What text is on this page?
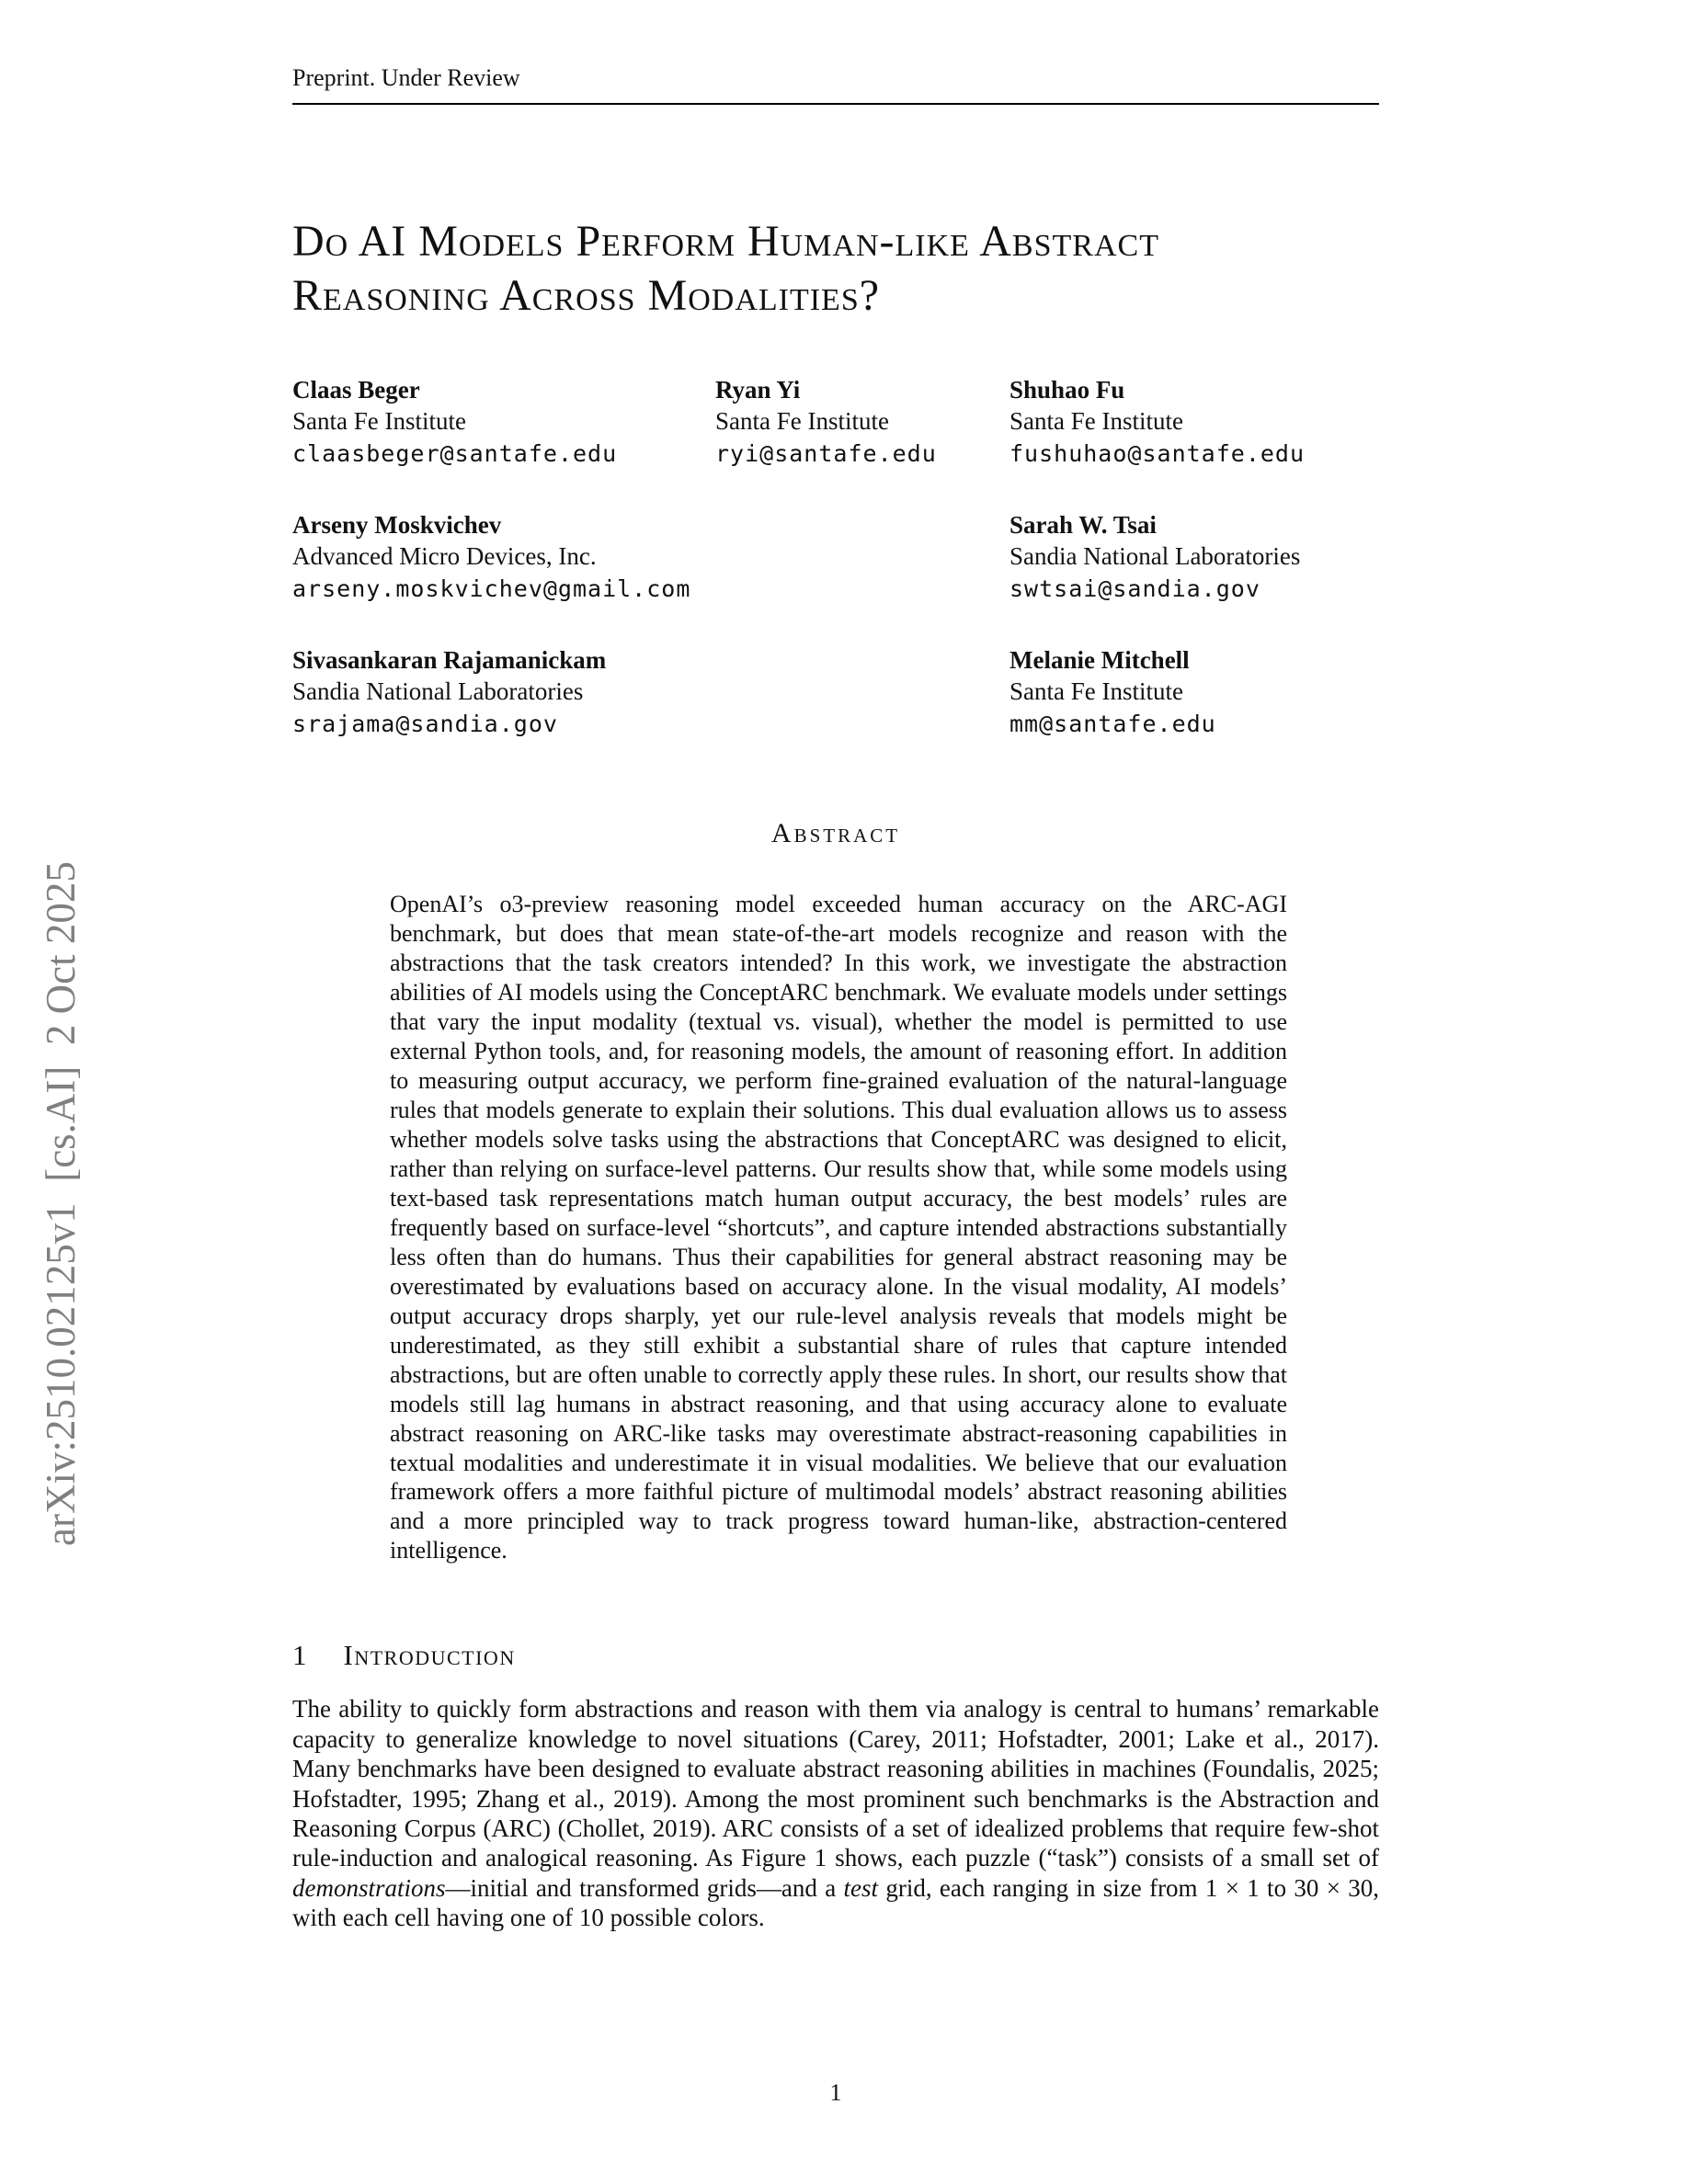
arXiv:2510.02125v1  [cs.AI]  2 Oct 2025
Preprint. Under Review
Do AI Models Perform Human-like Abstract
Reasoning Across Modalities?
Claas Beger
Santa Fe Institute
claasbeger@santafe.edu
Ryan Yi
Santa Fe Institute
ryi@santafe.edu
Shuhao Fu
Santa Fe Institute
fushuhao@santafe.edu
Arseny Moskvichev
Advanced Micro Devices, Inc.
arseny.moskvichev@gmail.com
Sarah W. Tsai
Sandia National Laboratories
swtsai@sandia.gov
Sivasankaran Rajamanickam
Sandia National Laboratories
srajama@sandia.gov
Melanie Mitchell
Santa Fe Institute
mm@santafe.edu
Abstract
OpenAI’s o3-preview reasoning model exceeded human accuracy on the ARC-AGI benchmark, but does that mean state-of-the-art models recognize and reason with the abstractions that the task creators intended? In this work, we investigate the abstraction abilities of AI models using the ConceptARC benchmark. We evaluate models under settings that vary the input modality (textual vs. visual), whether the model is permitted to use external Python tools, and, for reasoning models, the amount of reasoning effort. In addition to measuring output accuracy, we perform fine-grained evaluation of the natural-language rules that models generate to explain their solutions. This dual evaluation allows us to assess whether models solve tasks using the abstractions that ConceptARC was designed to elicit, rather than relying on surface-level patterns. Our results show that, while some models using text-based task representations match human output accuracy, the best models’ rules are frequently based on surface-level “shortcuts”, and capture intended abstractions substantially less often than do humans. Thus their capabilities for general abstract reasoning may be overestimated by evaluations based on accuracy alone. In the visual modality, AI models’ output accuracy drops sharply, yet our rule-level analysis reveals that models might be underestimated, as they still exhibit a substantial share of rules that capture intended abstractions, but are often unable to correctly apply these rules. In short, our results show that models still lag humans in abstract reasoning, and that using accuracy alone to evaluate abstract reasoning on ARC-like tasks may overestimate abstract-reasoning capabilities in textual modalities and underestimate it in visual modalities. We believe that our evaluation framework offers a more faithful picture of multimodal models’ abstract reasoning abilities and a more principled way to track progress toward human-like, abstraction-centered intelligence.
1 Introduction

The ability to quickly form abstractions and reason with them via analogy is central to humans’ remarkable capacity to generalize knowledge to novel situations (Carey, 2011; Hofstadter, 2001; Lake et al., 2017). Many benchmarks have been designed to evaluate abstract reasoning abilities in machines (Foundalis, 2025; Hofstadter, 1995; Zhang et al., 2019). Among the most prominent such benchmarks is the Abstraction and Reasoning Corpus (ARC) (Chollet, 2019). ARC consists of a set of idealized problems that require few-shot rule-induction and analogical reasoning. As Figure 1 shows, each puzzle (“task”) consists of a small set of demonstrations—initial and transformed grids—and a test grid, each ranging in size from 1 × 1 to 30 × 30, with each cell having one of 10 possible colors.

1
